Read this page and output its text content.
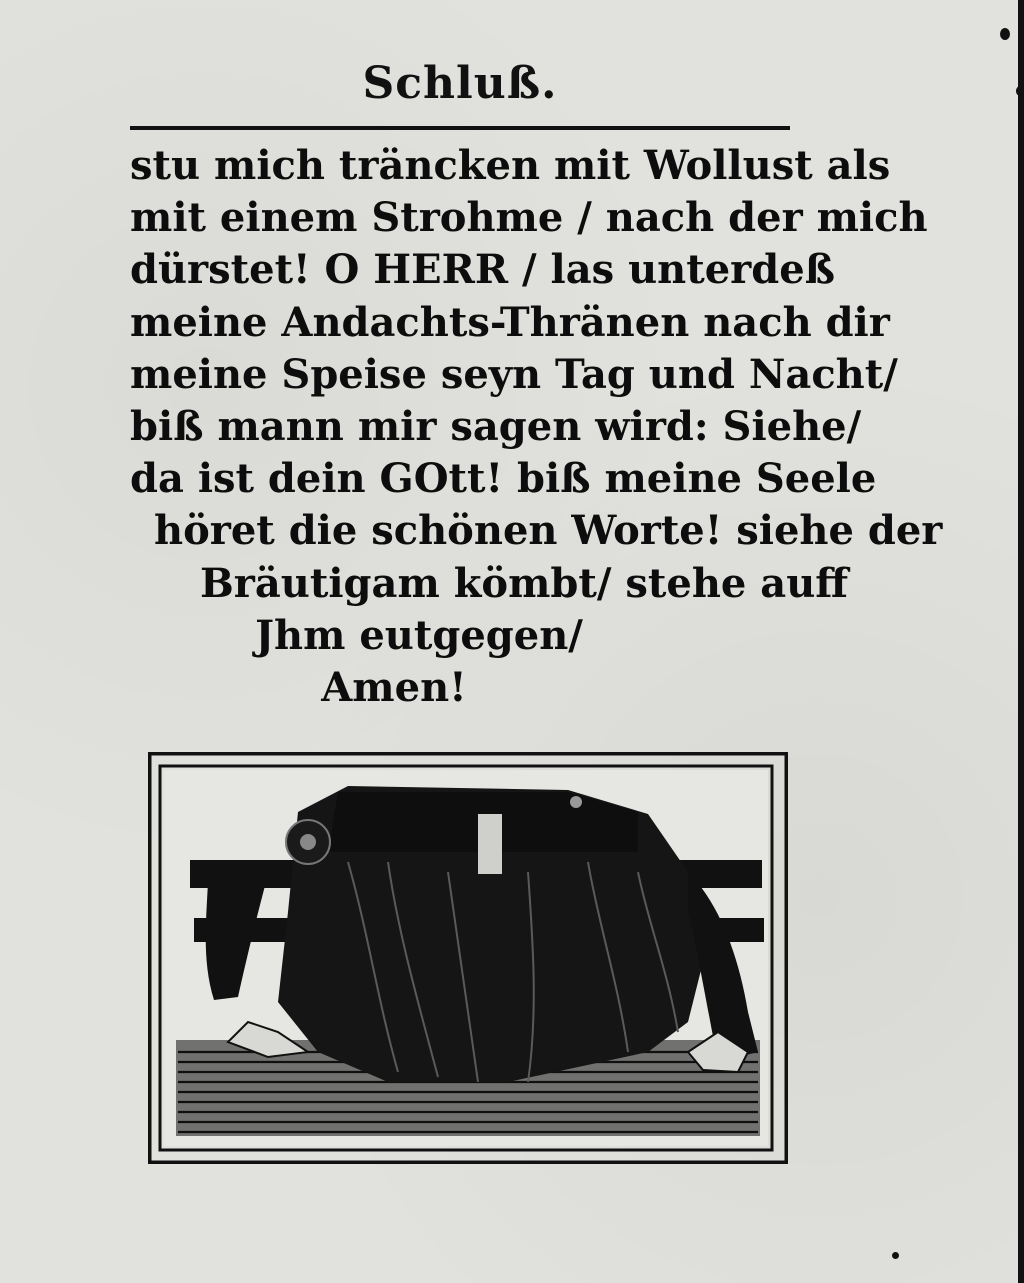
Schluß.
stu mich träncken mit Wollust als
mit einem Strohme / nach der mich
dürstet! O HERR / las unterdeß
meine Andachts-Thränen nach dir
meine Speise seyn Tag und Nacht/
biß mann mir sagen wird: Siehe/
da ist dein GOtt! biß meine Seele
höret die schönen Worte! siehe der
Bräutigam kömbt/ stehe auff
Jhm eutgegen/
Amen!
